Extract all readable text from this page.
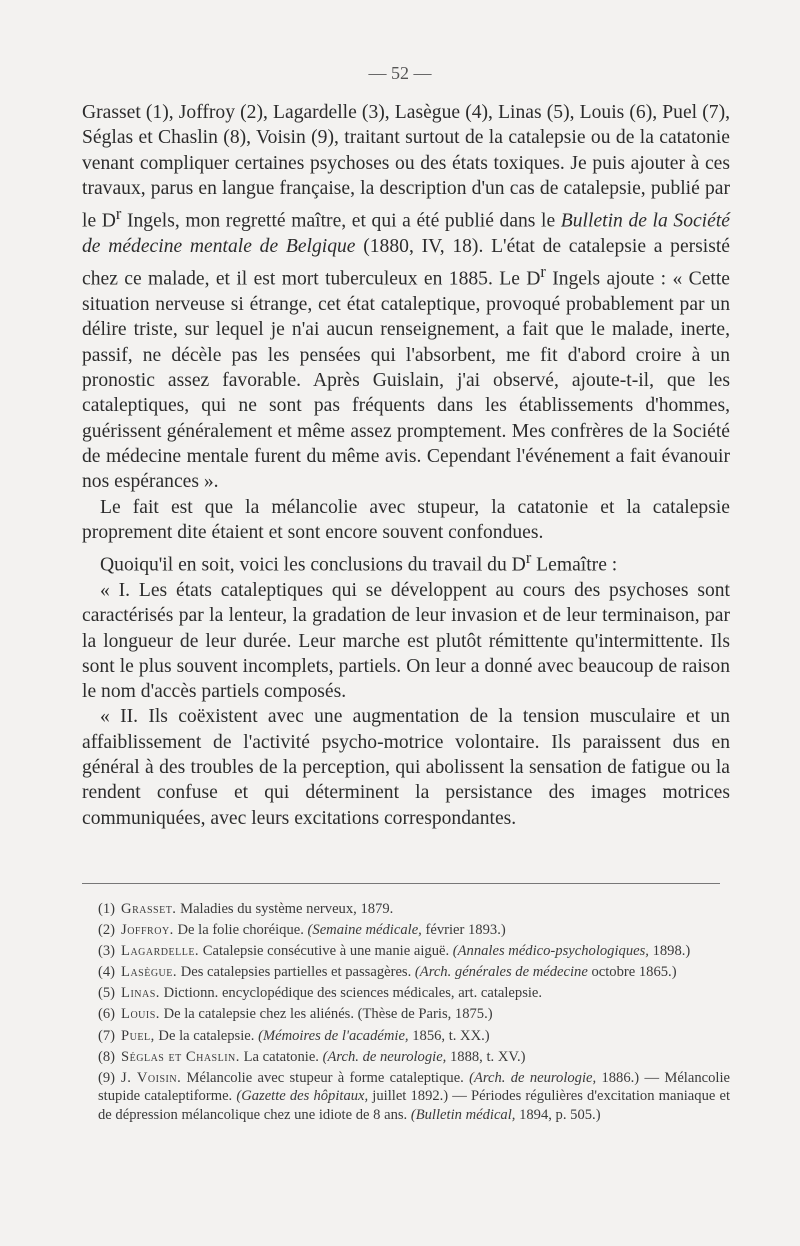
— 52 —

Grasset (1), Joffroy (2), Lagardelle (3), Lasègue (4), Linas (5), Louis (6), Puel (7), Séglas et Chaslin (8), Voisin (9), traitant surtout de la catalepsie ou de la catatonie venant compliquer certaines psychoses ou des états toxiques. Je puis ajouter à ces travaux, parus en langue française, la description d'un cas de catalepsie, publié par le $D^r$ Ingels, mon regretté maître, et qui a été publié dans le Bulletin de la Société de médecine mentale de Belgique (1880, IV, 18). L'état de catalepsie a persisté chez ce malade, et il est mort tuberculeux en 1885. Le $D^r$ Ingels ajoute : « Cette situation nerveuse si étrange, cet état cataleptique, provoqué probablement par un délire triste, sur lequel je n'ai aucun renseignement, a fait que le malade, inerte, passif, ne décèle pas les pensées qui l'absorbent, me fit d'abord croire à un pronostic assez favorable. Après Guislain, j'ai observé, ajoute-t-il, que les cataleptiques, qui ne sont pas fréquents dans les établissements d'hommes, guérissent généralement et même assez promptement. Mes confrères de la Société de médecine mentale furent du même avis. Cependant l'événement a fait évanouir nos espérances ».

Le fait est que la mélancolie avec stupeur, la catatonie et la catalepsie proprement dite étaient et sont encore souvent confondues.

Quoiqu'il en soit, voici les conclusions du travail du $D^r$ Lemaître :

« I. Les états cataleptiques qui se développent au cours des psychoses sont caractérisés par la lenteur, la gradation de leur invasion et de leur terminaison, par la longueur de leur durée. Leur marche est plutôt rémittente qu'intermittente. Ils sont le plus souvent incomplets, partiels. On leur a donné avec beaucoup de raison le nom d'accès partiels composés.

« II. Ils coëxistent avec une augmentation de la tension musculaire et un affaiblissement de l'activité psycho-motrice volontaire. Ils paraissent dus en général à des troubles de la perception, qui abolissent la sensation de fatigue ou la rendent confuse et qui déterminent la persistance des images motrices communiquées, avec leurs excitations correspondantes.

(1) Grasset. Maladies du système nerveux, 1879.

(2) Joffroy. De la folie choréique. (Semaine médicale, février 1893.)

(3) Lagardelle. Catalepsie consécutive à une manie aiguë. (Annales médico-psychologiques, 1898.)

(4) Lasègue. Des catalepsies partielles et passagères. (Arch. générales de médecine octobre 1865.)

(5) Linas. Dictionn. encyclopédique des sciences médicales, art. catalepsie.

(6) Louis. De la catalepsie chez les aliénés. (Thèse de Paris, 1875.)

(7) Puel, De la catalepsie. (Mémoires de l'académie, 1856, t. XX.)

(8) Séglas et Chaslin. La catatonie. (Arch. de neurologie, 1888, t. XV.)

(9) J. Voisin. Mélancolie avec stupeur à forme cataleptique. (Arch. de neurologie, 1886.) — Mélancolie stupide cataleptiforme. (Gazette des hôpitaux, juillet 1892.) — Périodes régulières d'excitation maniaque et de dépression mélancolique chez une idiote de 8 ans. (Bulletin médical, 1894, p. 505.)
